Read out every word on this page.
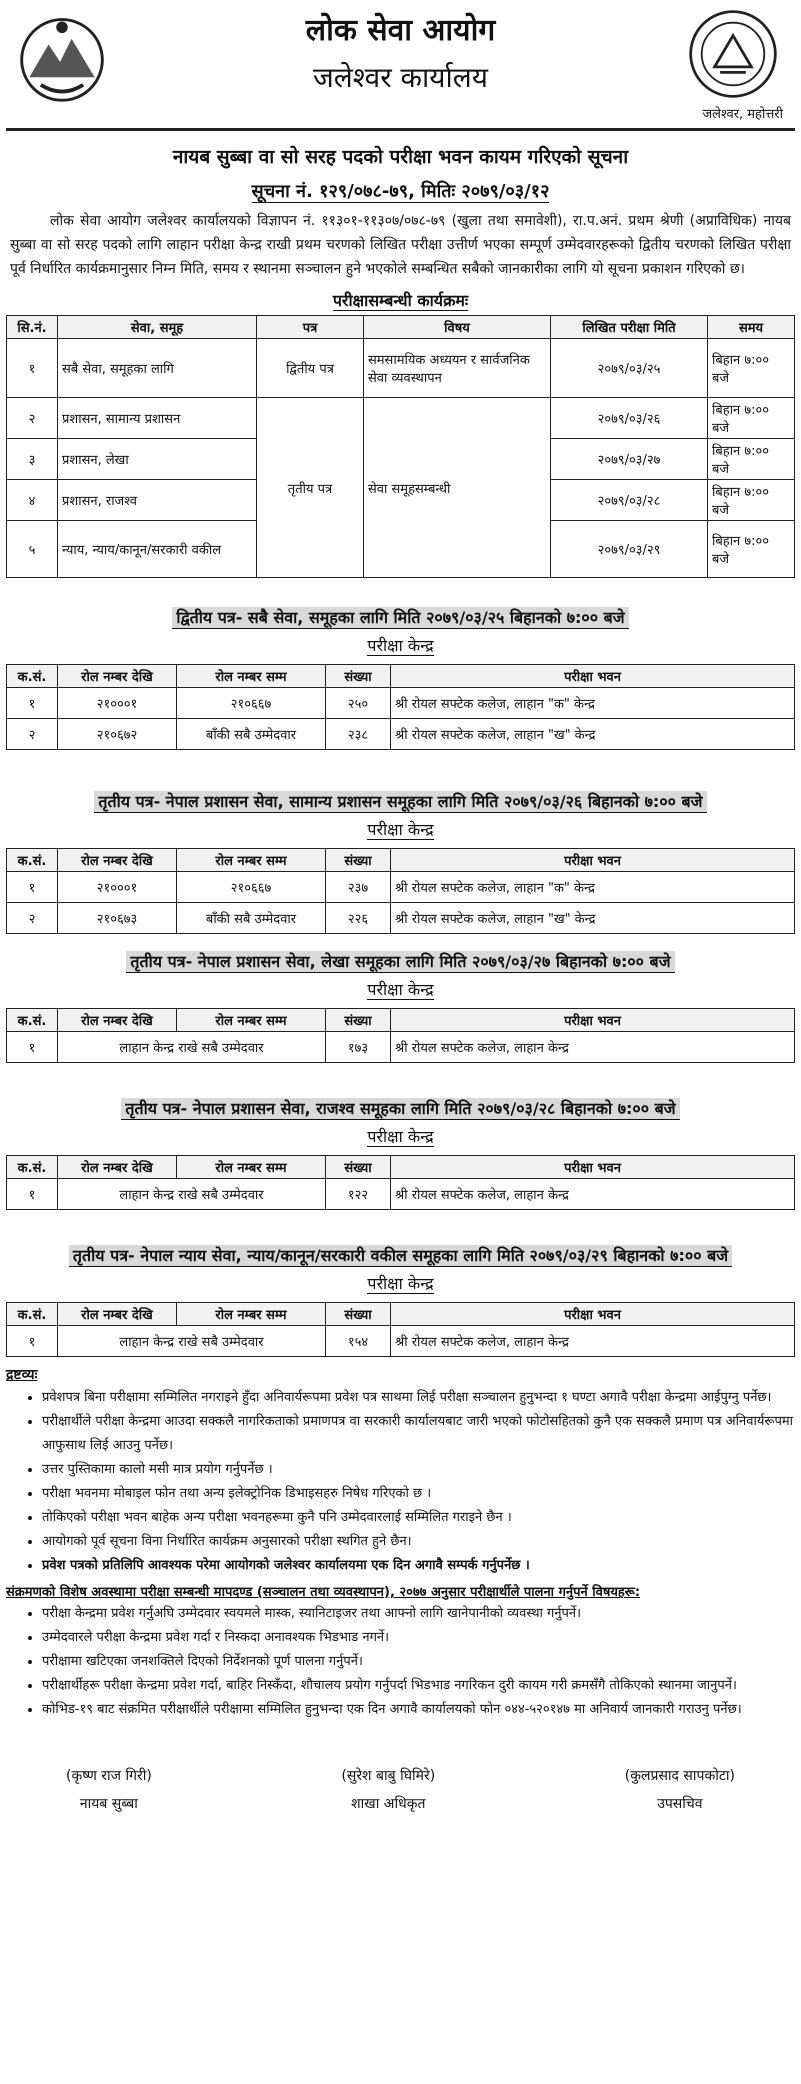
लोक सेवा आयोग
जलेश्वर कार्यालय
जलेश्वर, महोत्तरी
नायब सुब्बा वा सो सरह पदको परीक्षा भवन कायम गरिएको सूचना
सूचना नं. १२९/०७८-७९, मितिः २०७९/०३/१२
लोक सेवा आयोग जलेश्वर कार्यालयको विज्ञापन नं. ११३०१-११३०७/०७८-७९ (खुला तथा समावेशी), रा.प.अनं. प्रथम श्रेणी (अप्राविधिक) नायब सुब्बा वा सो सरह पदको लागि लाहान परीक्षा केन्द्र राखी प्रथम चरणको लिखित परीक्षा उत्तीर्ण भएका सम्पूर्ण उम्मेदवारहरूको द्वितीय चरणको लिखित परीक्षा पूर्व निर्धारित कार्यक्रमानुसार निम्न मिति, समय र स्थानमा सञ्चालन हुने भएकोले सम्बन्धित सबैको जानकारीका लागि यो सूचना प्रकाशन गरिएको छ।
परीक्षासम्बन्धी कार्यक्रमः
सि.नं.	सेवा, समूह	पत्र	विषय	लिखित परीक्षा मिति	समय
१	सबै सेवा, समूहका लागि	द्वितीय पत्र	समसामयिक अध्ययन र सार्वजनिक सेवा व्यवस्थापन	२०७९/०३/२५	बिहान ७:०० बजे
२	प्रशासन, सामान्य प्रशासन	तृतीय पत्र	सेवा समूहसम्बन्धी	२०७९/०३/२६	बिहान ७:०० बजे
३	प्रशासन, लेखा			२०७९/०३/२७	बिहान ७:०० बजे
४	प्रशासन, राजश्व			२०७९/०३/२८	बिहान ७:०० बजे
५	न्याय, न्याय/कानून/सरकारी वकील			२०७९/०३/२९	बिहान ७:०० बजे
द्वितीय पत्र- सबै सेवा, समूहका लागि मिति २०७९/०३/२५ बिहानको ७:०० बजे
परीक्षा केन्द्र
क.सं.	रोल नम्बर देखि	रोल नम्बर सम्म	संख्या	परीक्षा भवन
१	२१०००१	२१०६६७	२५०	श्री रोयल सफ्टेक कलेज, लाहान "क" केन्द्र
२	२१०६७२	बाँकी सबै उम्मेदवार	२३८	श्री रोयल सफ्टेक कलेज, लाहान "ख" केन्द्र
तृतीय पत्र- नेपाल प्रशासन सेवा, सामान्य प्रशासन समूहका लागि मिति २०७९/०३/२६ बिहानको ७:०० बजे
परीक्षा केन्द्र
क.सं.	रोल नम्बर देखि	रोल नम्बर सम्म	संख्या	परीक्षा भवन
१	२१०००१	२१०६६७	२३७	श्री रोयल सफ्टेक कलेज, लाहान "क" केन्द्र
२	२१०६७३	बाँकी सबै उम्मेदवार	२२६	श्री रोयल सफ्टेक कलेज, लाहान "ख" केन्द्र
तृतीय पत्र- नेपाल प्रशासन सेवा, लेखा समूहका लागि मिति २०७९/०३/२७ बिहानको ७:०० बजे
परीक्षा केन्द्र
क.सं.	रोल नम्बर देखि	रोल नम्बर सम्म	संख्या	परीक्षा भवन
१	लाहान केन्द्र राखे सबै उम्मेदवार		१७३	श्री रोयल सफ्टेक कलेज, लाहान केन्द्र
तृतीय पत्र- नेपाल प्रशासन सेवा, राजश्व समूहका लागि मिति २०७९/०३/२८ बिहानको ७:०० बजे
परीक्षा केन्द्र
क.सं.	रोल नम्बर देखि	रोल नम्बर सम्म	संख्या	परीक्षा भवन
१	लाहान केन्द्र राखे सबै उम्मेदवार		१२२	श्री रोयल सफ्टेक कलेज, लाहान केन्द्र
तृतीय पत्र- नेपाल न्याय सेवा, न्याय/कानून/सरकारी वकील समूहका लागि मिति २०७९/०३/२९ बिहानको ७:०० बजे
परीक्षा केन्द्र
क.सं.	रोल नम्बर देखि	रोल नम्बर सम्म	संख्या	परीक्षा भवन
१	लाहान केन्द्र राखे सबै उम्मेदवार		१५४	श्री रोयल सफ्टेक कलेज, लाहान केन्द्र
द्रष्टव्यः
• प्रवेशपत्र बिना परीक्षामा सम्मिलित नगराइने हुँदा अनिवार्यरूपमा प्रवेश पत्र साथमा लिई परीक्षा सञ्चालन हुनुभन्दा १ घण्टा अगावै परीक्षा केन्द्रमा आईपुग्नु पर्नेछ।
• परीक्षार्थीले परीक्षा केन्द्रमा आउदा सक्कलै नागरिकताको प्रमाणपत्र वा सरकारी कार्यालयबाट जारी भएको फोटोसहितको कुनै एक सक्कलै प्रमाण पत्र अनिवार्यरूपमा आफुसाथ लिई आउनु पर्नेछ।
• उत्तर पुस्तिकामा कालो मसी मात्र प्रयोग गर्नुपर्नेछ ।
• परीक्षा भवनमा मोबाइल फोन तथा अन्य इलेक्ट्रोनिक डिभाइसहरु निषेध गरिएको छ ।
• तोकिएको परीक्षा भवन बाहेक अन्य परीक्षा भवनहरूमा कुनै पनि उम्मेदवारलाई सम्मिलित गराइने छैन ।
• आयोगको पूर्व सूचना विना निर्धारित कार्यक्रम अनुसारको परीक्षा स्थगित हुने छैन।
• प्रवेश पत्रको प्रतिलिपि आवश्यक परेमा आयोगको जलेश्वर कार्यालयमा एक दिन अगावै सम्पर्क गर्नुपर्नेछ ।
संक्रमणको विशेष अवस्थामा परीक्षा सम्बन्धी मापदण्ड (सञ्चालन तथा व्यवस्थापन), २०७७ अनुसार परीक्षार्थीले पालना गर्नुपर्ने विषयहरू:
• परीक्षा केन्द्रमा प्रवेश गर्नुअघि उम्मेदवार स्वयमले मास्क, स्यानिटाइजर तथा आफ्नो लागि खानेपानीको व्यवस्था गर्नुपर्ने।
• उम्मेदवारले परीक्षा केन्द्रमा प्रवेश गर्दा र निस्कदा अनावश्यक भिडभाड नगर्ने।
• परीक्षामा खटिएका जनशक्तिले दिएको निर्देशनको पूर्ण पालना गर्नुपर्ने।
• परीक्षार्थीहरू परीक्षा केन्द्रमा प्रवेश गर्दा, बाहिर निस्कँदा, शौचालय प्रयोग गर्नुपर्दा भिडभाड नगरिकन दुरी कायम गरी क्रमसँगै तोकिएको स्थानमा जानुपर्ने।
• कोभिड-१९ बाट संक्रमित परीक्षार्थीले परीक्षामा सम्मिलित हुनुभन्दा एक दिन अगावै कार्यालयको फोन ०४४-५२०१४७ मा अनिवार्य जानकारी गराउनु पर्नेछ।
(कृष्ण राज गिरी)
नायब सुब्बा
(सुरेश बाबु घिमिरे)
शाखा अधिकृत
(कुलप्रसाद सापकोटा)
उपसचिव
